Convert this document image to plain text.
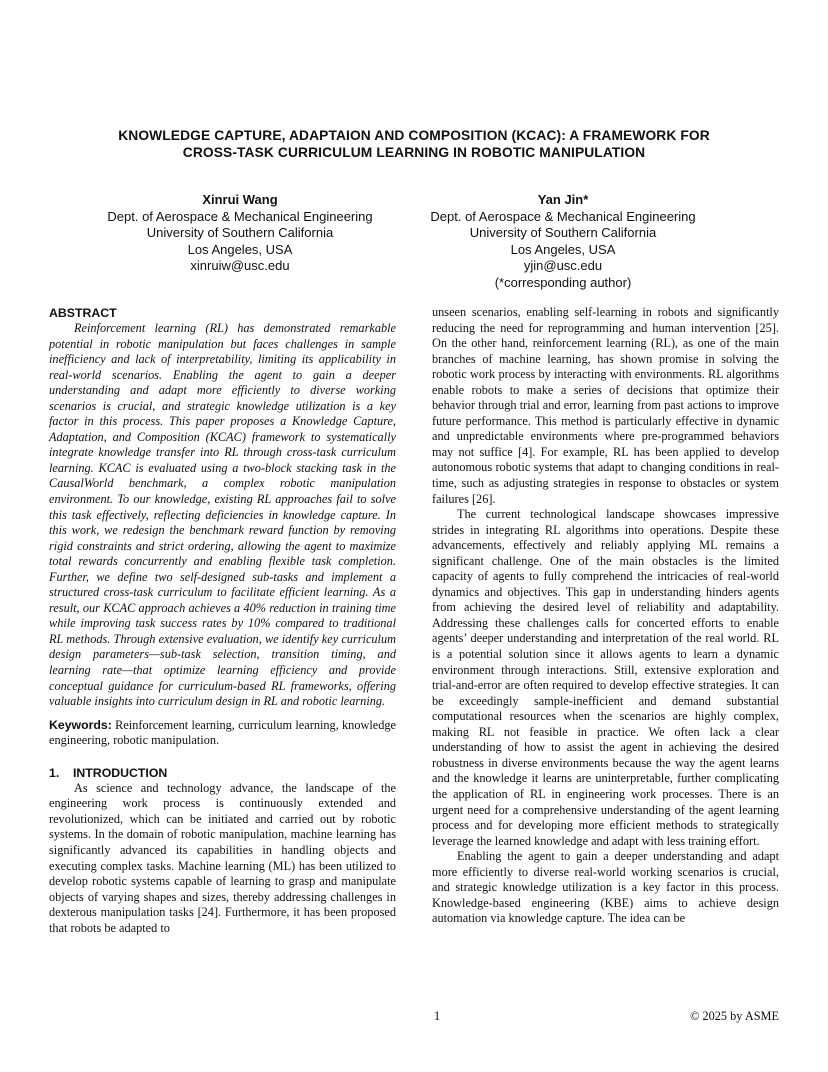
KNOWLEDGE CAPTURE, ADAPTAION AND COMPOSITION (KCAC): A FRAMEWORK FOR
CROSS-TASK CURRICULUM LEARNING IN ROBOTIC MANIPULATION
Xinrui Wang
Dept. of Aerospace & Mechanical Engineering
University of Southern California
Los Angeles, USA
xinruiw@usc.edu
Yan Jin*
Dept. of Aerospace & Mechanical Engineering
University of Southern California
Los Angeles, USA
yjin@usc.edu
(*corresponding author)
ABSTRACT

Reinforcement learning (RL) has demonstrated remarkable potential in robotic manipulation but faces challenges in sample inefficiency and lack of interpretability, limiting its applicability in real-world scenarios. Enabling the agent to gain a deeper understanding and adapt more efficiently to diverse working scenarios is crucial, and strategic knowledge utilization is a key factor in this process. This paper proposes a Knowledge Capture, Adaptation, and Composition (KCAC) framework to systematically integrate knowledge transfer into RL through cross-task curriculum learning. KCAC is evaluated using a two-block stacking task in the CausalWorld benchmark, a complex robotic manipulation environment. To our knowledge, existing RL approaches fail to solve this task effectively, reflecting deficiencies in knowledge capture. In this work, we redesign the benchmark reward function by removing rigid constraints and strict ordering, allowing the agent to maximize total rewards concurrently and enabling flexible task completion. Further, we define two self-designed sub-tasks and implement a structured cross-task curriculum to facilitate efficient learning. As a result, our KCAC approach achieves a 40% reduction in training time while improving task success rates by 10% compared to traditional RL methods. Through extensive evaluation, we identify key curriculum design parameters—sub-task selection, transition timing, and learning rate—that optimize learning efficiency and provide conceptual guidance for curriculum-based RL frameworks, offering valuable insights into curriculum design in RL and robotic learning.

Keywords: Reinforcement learning, curriculum learning, knowledge engineering, robotic manipulation.

1. INTRODUCTION

As science and technology advance, the landscape of the engineering work process is continuously extended and revolutionized, which can be initiated and carried out by robotic systems. In the domain of robotic manipulation, machine learning has significantly advanced its capabilities in handling objects and executing complex tasks. Machine learning (ML) has been utilized to develop robotic systems capable of learning to grasp and manipulate objects of varying shapes and sizes, thereby addressing challenges in dexterous manipulation tasks [24]. Furthermore, it has been proposed that robots be adapted to

unseen scenarios, enabling self-learning in robots and significantly reducing the need for reprogramming and human intervention [25]. On the other hand, reinforcement learning (RL), as one of the main branches of machine learning, has shown promise in solving the robotic work process by interacting with environments. RL algorithms enable robots to make a series of decisions that optimize their behavior through trial and error, learning from past actions to improve future performance. This method is particularly effective in dynamic and unpredictable environments where pre-programmed behaviors may not suffice [4]. For example, RL has been applied to develop autonomous robotic systems that adapt to changing conditions in real-time, such as adjusting strategies in response to obstacles or system failures [26].

The current technological landscape showcases impressive strides in integrating RL algorithms into operations. Despite these advancements, effectively and reliably applying ML remains a significant challenge. One of the main obstacles is the limited capacity of agents to fully comprehend the intricacies of real-world dynamics and objectives. This gap in understanding hinders agents from achieving the desired level of reliability and adaptability. Addressing these challenges calls for concerted efforts to enable agents’ deeper understanding and interpretation of the real world. RL is a potential solution since it allows agents to learn a dynamic environment through interactions. Still, extensive exploration and trial-and-error are often required to develop effective strategies. It can be exceedingly sample-inefficient and demand substantial computational resources when the scenarios are highly complex, making RL not feasible in practice. We often lack a clear understanding of how to assist the agent in achieving the desired robustness in diverse environments because the way the agent learns and the knowledge it learns are uninterpretable, further complicating the application of RL in engineering work processes. There is an urgent need for a comprehensive understanding of the agent learning process and for developing more efficient methods to strategically leverage the learned knowledge and adapt with less training effort.

Enabling the agent to gain a deeper understanding and adapt more efficiently to diverse real-world working scenarios is crucial, and strategic knowledge utilization is a key factor in this process. Knowledge-based engineering (KBE) aims to achieve design automation via knowledge capture. The idea can be

1	© 2025 by ASME
